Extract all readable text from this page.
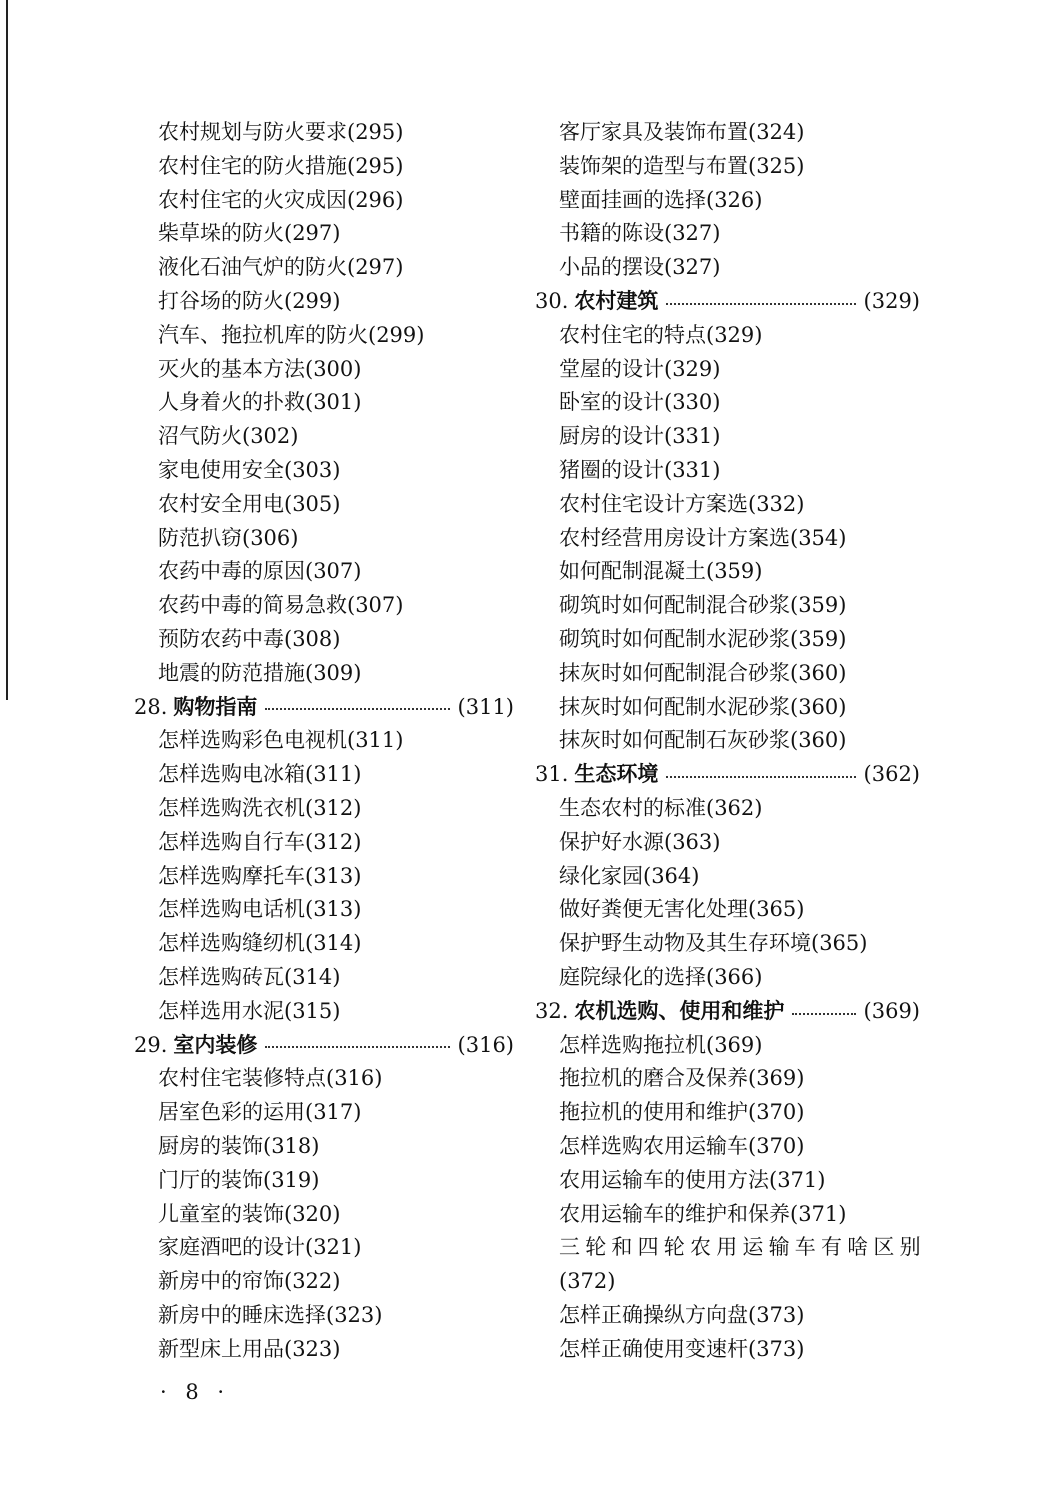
农村规划与防火要求(295)
农村住宅的防火措施(295)
农村住宅的火灾成因(296)
柴草垛的防火(297)
液化石油气炉的防火(297)
打谷场的防火(299)
汽车、拖拉机库的防火(299)
灭火的基本方法(300)
人身着火的扑救(301)
沼气防火(302)
家电使用安全(303)
农村安全用电(305)
防范扒窃(306)
农药中毒的原因(307)
农药中毒的简易急救(307)
预防农药中毒(308)
地震的防范措施(309)
28. 购物指南	(311)
怎样选购彩色电视机(311)
怎样选购电冰箱(311)
怎样选购洗衣机(312)
怎样选购自行车(312)
怎样选购摩托车(313)
怎样选购电话机(313)
怎样选购缝纫机(314)
怎样选购砖瓦(314)
怎样选用水泥(315)
29. 室内装修	(316)
农村住宅装修特点(316)
居室色彩的运用(317)
厨房的装饰(318)
门厅的装饰(319)
儿童室的装饰(320)
家庭酒吧的设计(321)
新房中的帘饰(322)
新房中的睡床选择(323)
新型床上用品(323)
客厅家具及装饰布置(324)
装饰架的造型与布置(325)
壁面挂画的选择(326)
书籍的陈设(327)
小品的摆设(327)
30. 农村建筑	(329)
农村住宅的特点(329)
堂屋的设计(329)
卧室的设计(330)
厨房的设计(331)
猪圈的设计(331)
农村住宅设计方案选(332)
农村经营用房设计方案选(354)
如何配制混凝土(359)
砌筑时如何配制混合砂浆(359)
砌筑时如何配制水泥砂浆(359)
抹灰时如何配制混合砂浆(360)
抹灰时如何配制水泥砂浆(360)
抹灰时如何配制石灰砂浆(360)
31. 生态环境	(362)
生态农村的标准(362)
保护好水源(363)
绿化家园(364)
做好粪便无害化处理(365)
保护野生动物及其生存环境(365)
庭院绿化的选择(366)
32. 农机选购、使用和维护	(369)
怎样选购拖拉机(369)
拖拉机的磨合及保养(369)
拖拉机的使用和维护(370)
怎样选购农用运输车(370)
农用运输车的使用方法(371)
农用运输车的维护和保养(371)
三轮和四轮农用运输车有啥区别
(372)
怎样正确操纵方向盘(373)
怎样正确使用变速杆(373)
· 8 ·
